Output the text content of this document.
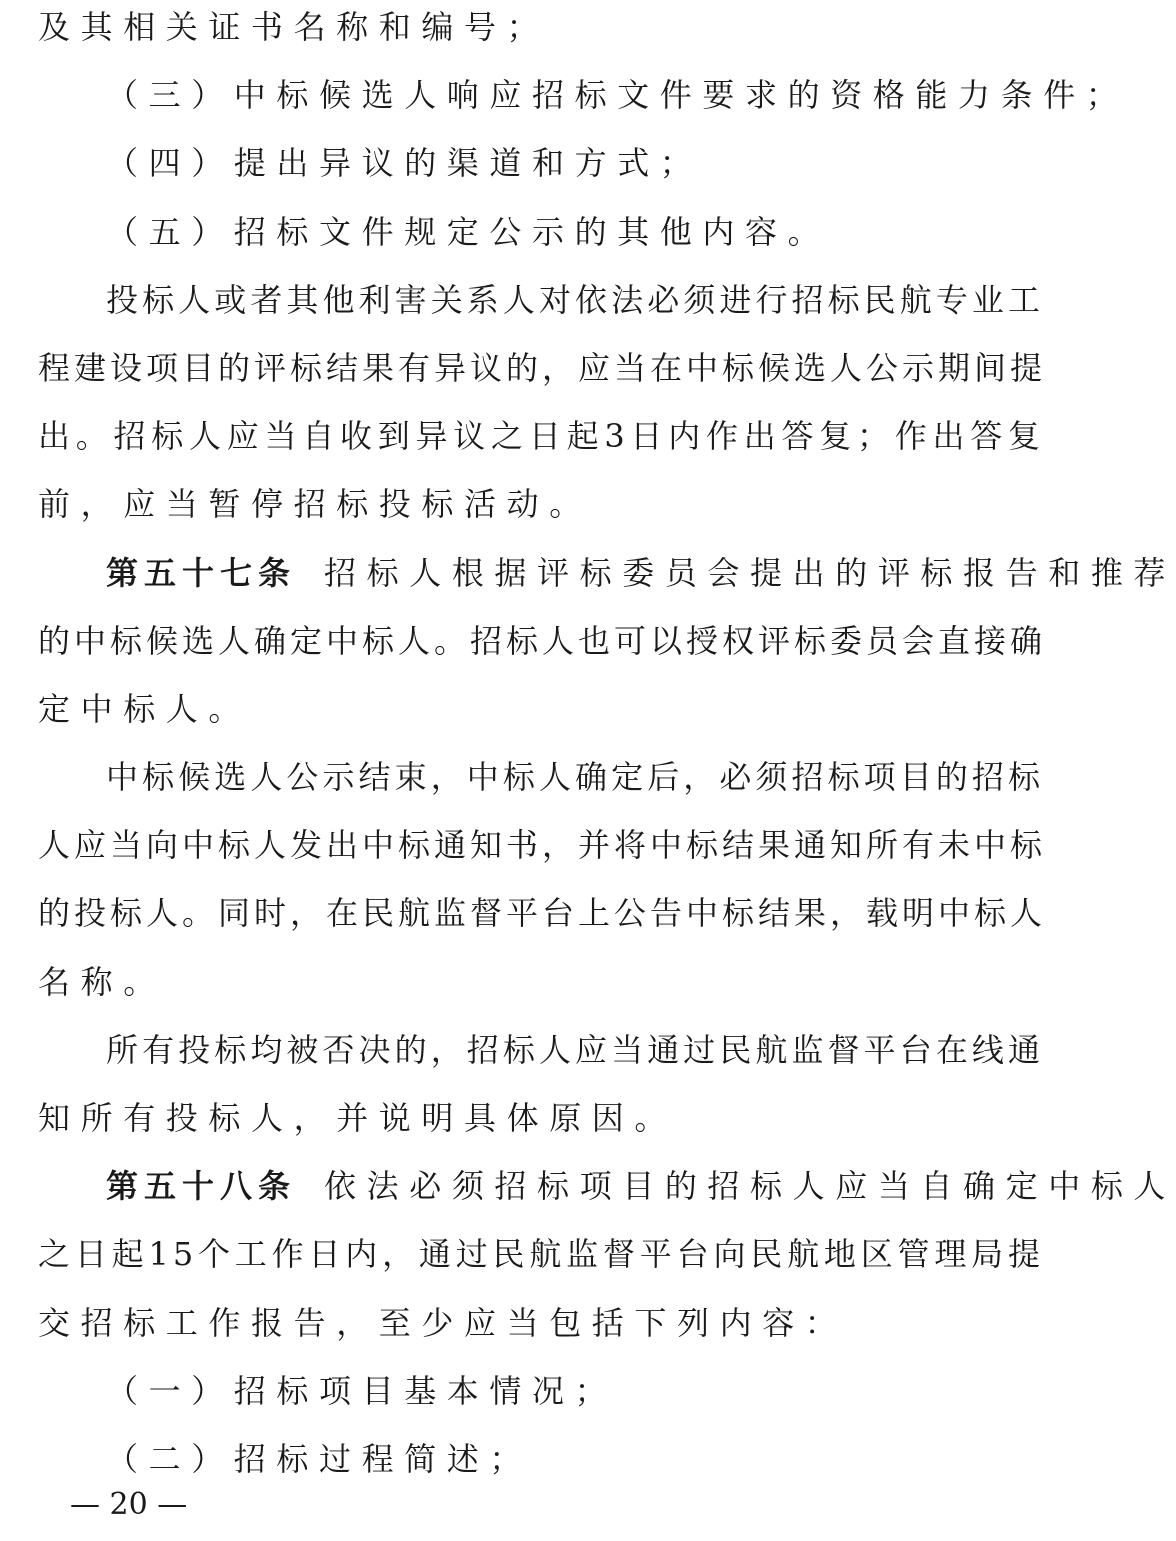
及其相关证书名称和编号；
（三）中标候选人响应招标文件要求的资格能力条件；
（四）提出异议的渠道和方式；
（五）招标文件规定公示的其他内容。
投标人或者其他利害关系人对依法必须进行招标民航专业工
程建设项目的评标结果有异议的，应当在中标候选人公示期间提
出。招标人应当自收到异议之日起3日内作出答复；作出答复
前，应当暂停招标投标活动。
第五十七条 招标人根据评标委员会提出的评标报告和推荐
的中标候选人确定中标人。招标人也可以授权评标委员会直接确
定中标人。
中标候选人公示结束，中标人确定后，必须招标项目的招标
人应当向中标人发出中标通知书，并将中标结果通知所有未中标
的投标人。同时，在民航监督平台上公告中标结果，载明中标人
名称。
所有投标均被否决的，招标人应当通过民航监督平台在线通
知所有投标人，并说明具体原因。
第五十八条 依法必须招标项目的招标人应当自确定中标人
之日起15个工作日内，通过民航监督平台向民航地区管理局提
交招标工作报告，至少应当包括下列内容：
（一）招标项目基本情况；
（二）招标过程简述；
— 20 —
